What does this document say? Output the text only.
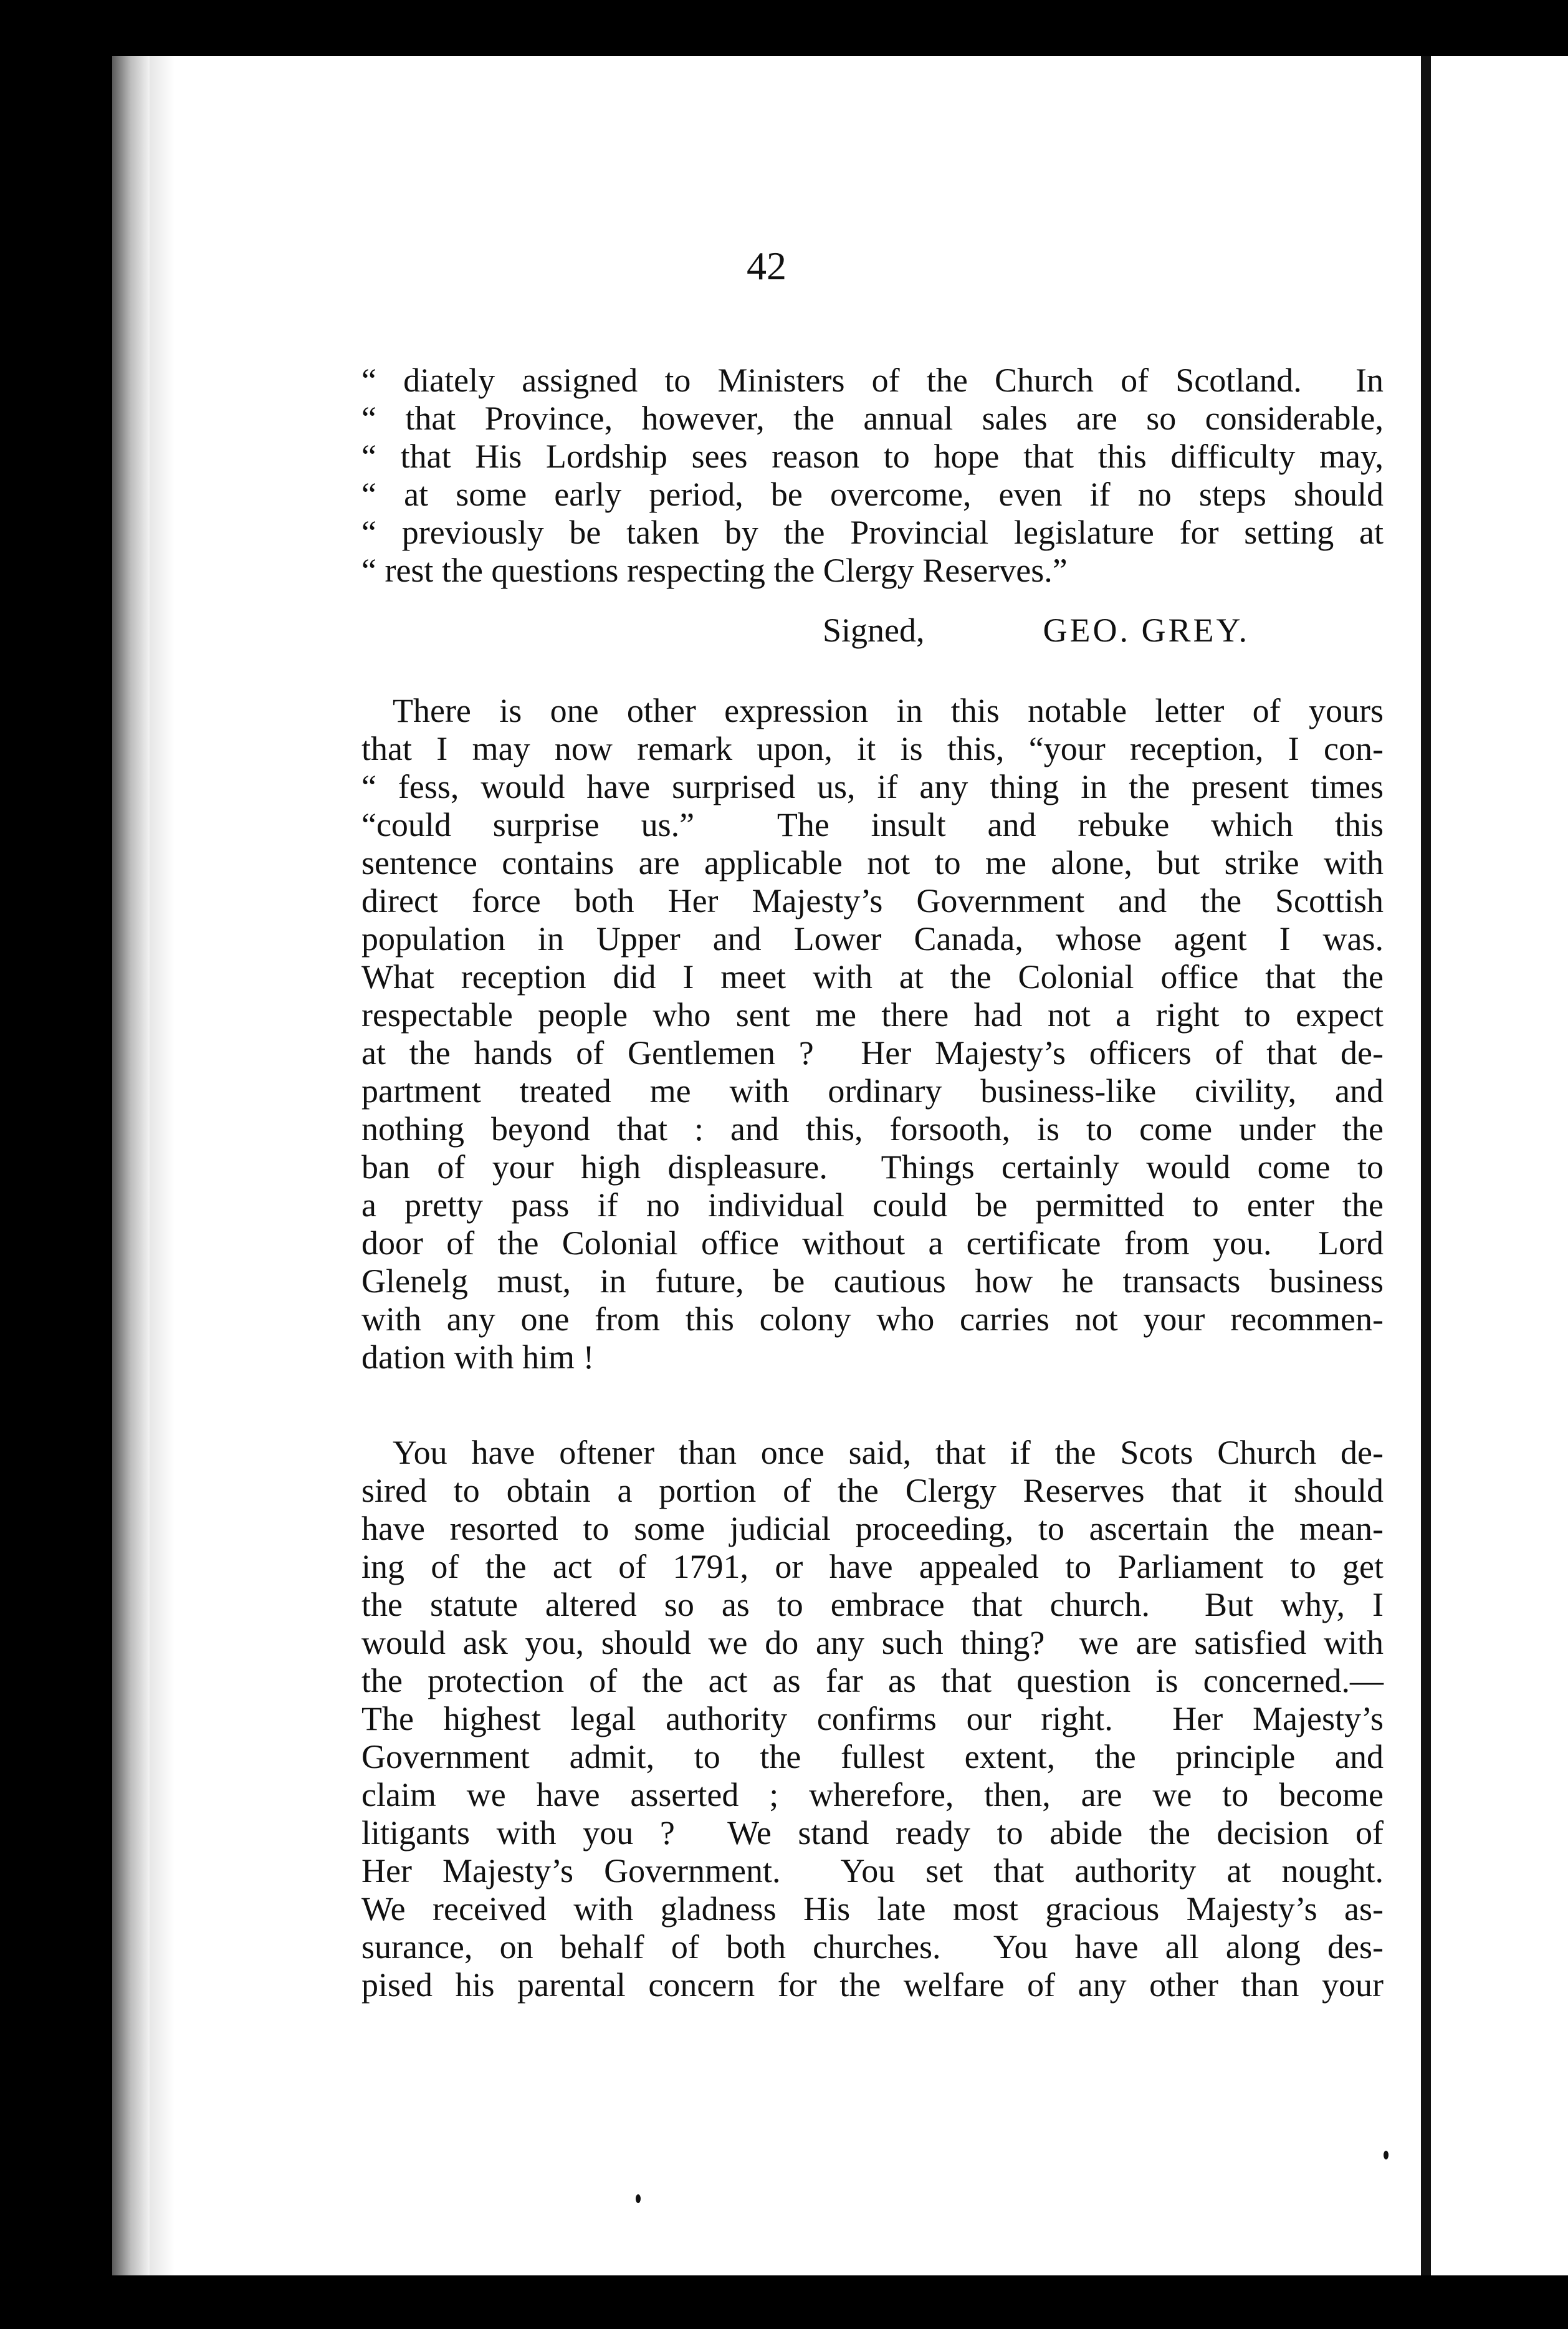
42
“ diately assigned to Ministers of the Church of Scotland.  In
“ that Province, however, the annual sales are so considerable,
“ that His Lordship sees reason to hope that this difficulty may,
“ at some early period, be overcome, even if no steps should
“ previously be taken by the Provincial legislature for setting at
“ rest the questions respecting the Clergy Reserves.”
Signed,	GEO. GREY.
There is one other expression in this notable letter of yours
that I may now remark upon, it is this, “your reception, I con-
“ fess, would have surprised us, if any thing in the present times
“could surprise us.”  The insult and rebuke which this
sentence contains are applicable not to me alone, but strike with
direct force both Her Majesty’s Government and the Scottish
population in Upper and Lower Canada, whose agent I was.
What reception did I meet with at the Colonial office that the
respectable people who sent me there had not a right to expect
at the hands of Gentlemen ?  Her Majesty’s officers of that de-
partment treated me with ordinary business-like civility, and
nothing beyond that : and this, forsooth, is to come under the
ban of your high displeasure.  Things certainly would come to
a pretty pass if no individual could be permitted to enter the
door of the Colonial office without a certificate from you.  Lord
Glenelg must, in future, be cautious how he transacts business
with any one from this colony who carries not your recommen-
dation with him !
You have oftener than once said, that if the Scots Church de-
sired to obtain a portion of the Clergy Reserves that it should
have resorted to some judicial proceeding, to ascertain the mean-
ing of the act of 1791, or have appealed to Parliament to get
the statute altered so as to embrace that church.  But why, I
would ask you, should we do any such thing?  we are satisfied with
the protection of the act as far as that question is concerned.—
The highest legal authority confirms our right.  Her Majesty’s
Government admit, to the fullest extent, the principle and
claim we have asserted ; wherefore, then, are we to become
litigants with you ?  We stand ready to abide the decision of
Her Majesty’s Government.  You set that authority at nought.
We received with gladness His late most gracious Majesty’s as-
surance, on behalf of both churches.  You have all along des-
pised his parental concern for the welfare of any other than your
